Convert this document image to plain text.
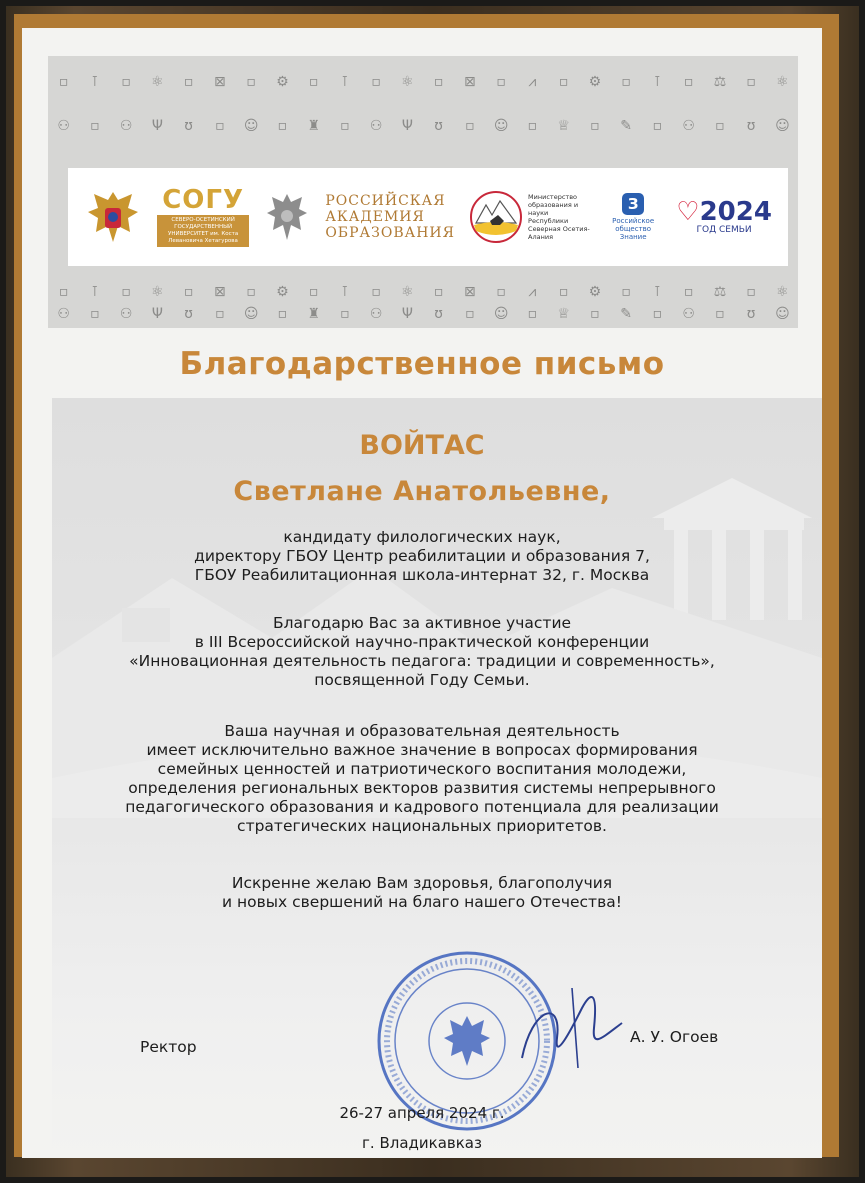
▫	⊺	▫	⚛	▫	⊠	▫	⚙	▫	⊺	▫	⚛	▫	⊠	▫	⩘	▫	⚙	▫	⊺	▫	⚖	▫	⚛
⚇	▫	⚇ Ψ	ʊ	▫	☺	▫	♜	▫	⚇ Ψ	ʊ	▫	☺	▫	♕	▫	✎	▫	⚇	▫	ʊ	☺
СОГУ
СЕВЕРО-ОСЕТИНСКИЙ ГОСУДАРСТВЕННЫЙ УНИВЕРСИТЕТ им. Коста Левановича Хетагурова
РОССИЙСКАЯ
АКАДЕМИЯ
ОБРАЗОВАНИЯ
Министерство образования и науки Республики Северная Осетия-Алания
З
Российское общество Знание
♡2024
ГОД СЕМЬИ
▫	⊺	▫	⚛	▫	⊠	▫	⚙	▫	⊺	▫	⚛	▫	⊠	▫	⩘	▫	⚙	▫	⊺	▫	⚖	▫	⚛
⚇	▫	⚇ Ψ	ʊ	▫	☺	▫	♜	▫	⚇ Ψ	ʊ	▫	☺	▫	♕	▫	✎	▫	⚇	▫	ʊ	☺
Благодарственное письмо
ВОЙТАС
Светлане Анатольевне,
кандидату филологических наук,
директору ГБОУ Центр реабилитации и образования 7,
ГБОУ Реабилитационная школа-интернат 32, г. Москва
Благодарю Вас за активное участие
в III Всероссийской научно-практической конференции
«Инновационная деятельность педагога: традиции и современность»,
посвященной Году Семьи.
Ваша научная и образовательная деятельность
имеет исключительно важное значение в вопросах формирования
семейных ценностей и патриотического воспитания молодежи,
определения региональных векторов развития системы непрерывного
педагогического образования и кадрового потенциала для реализации
стратегических национальных приоритетов.
Искренне желаю Вам здоровья, благополучия
и новых свершений на благо нашего Отечества!
Ректор
А. У. Огоев
26-27 апреля 2024 г.
г. Владикавказ
